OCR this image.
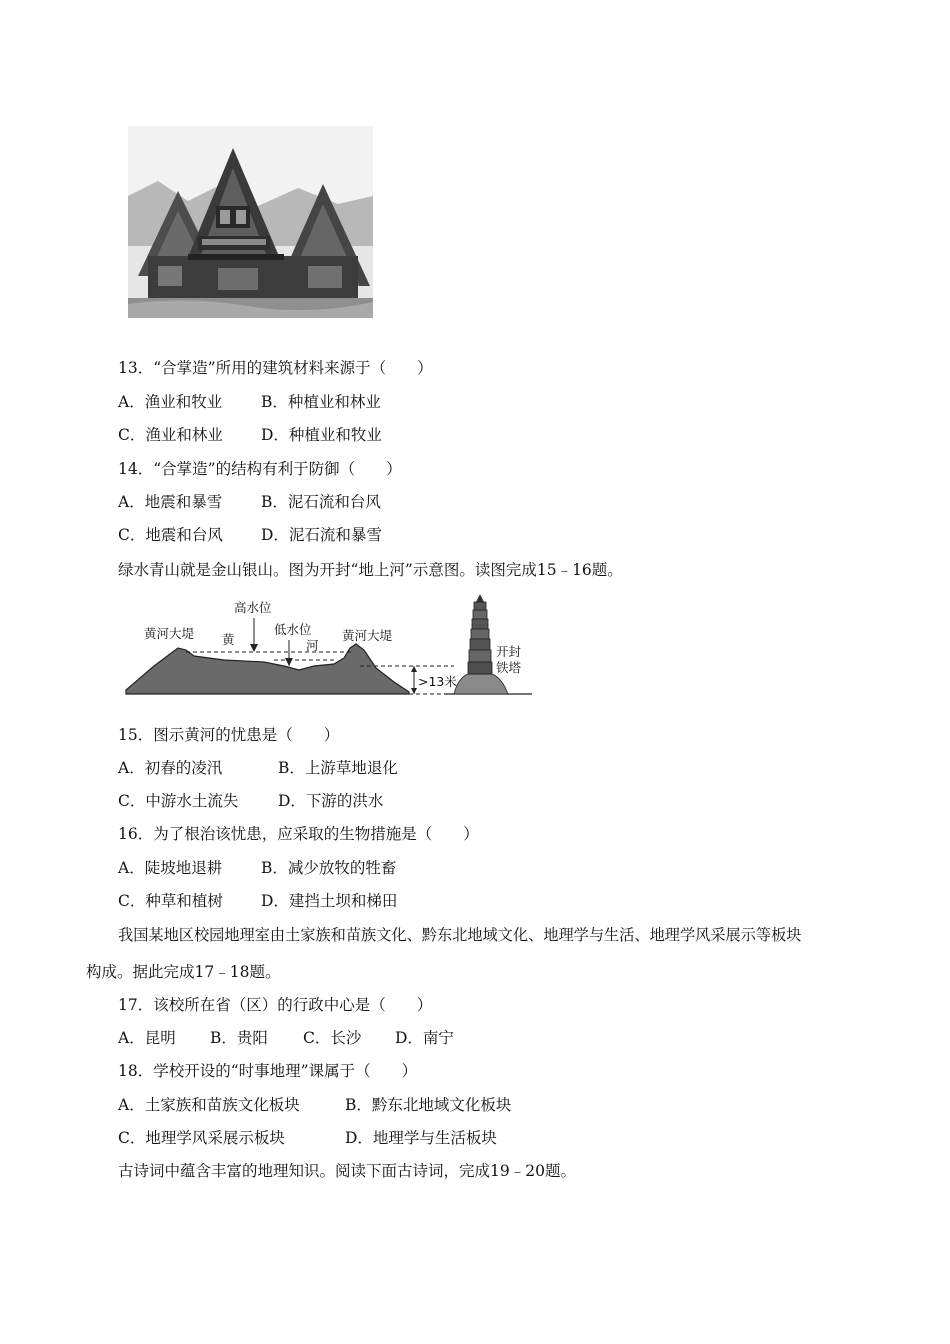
13．“合掌造”所用的建筑材料来源于（　　）
A．渔业和牧业	B．种植业和林业
C．渔业和林业 D．种植业和牧业
14．“合掌造”的结构有利于防御（　　）
A．地震和暴雪	B．泥石流和台风
C．地震和台风 D．泥石流和暴雪
绿水青山就是金山银山。图为开封“地上河”示意图。读图完成15﹣16题。
高水位
黄河大堤 黄
低水位
河
黄河大堤
>13米
开封
铁塔
15．图示黄河的忧患是（　　）
A．初春的凌汛	B．上游草地退化
C．中游水土流失	D．下游的洪水
16．为了根治该忧患，应采取的生物措施是（　　）
A．陡坡地退耕	B．减少放牧的牲畜
C．种草和植树 D．建挡土坝和梯田
我国某地区校园地理室由土家族和苗族文化、黔东北地域文化、地理学与生活、地理学风采展示等板块
构成。据此完成17﹣18题。
17．该校所在省（区）的行政中心是（　　）
A．昆明 B．贵阳 C．长沙 D．南宁
18．学校开设的“时事地理”课属于（　　）
A．土家族和苗族文化板块	B．黔东北地域文化板块
C．地理学风采展示板块	D．地理学与生活板块
古诗词中蕴含丰富的地理知识。阅读下面古诗词，完成19﹣20题。
